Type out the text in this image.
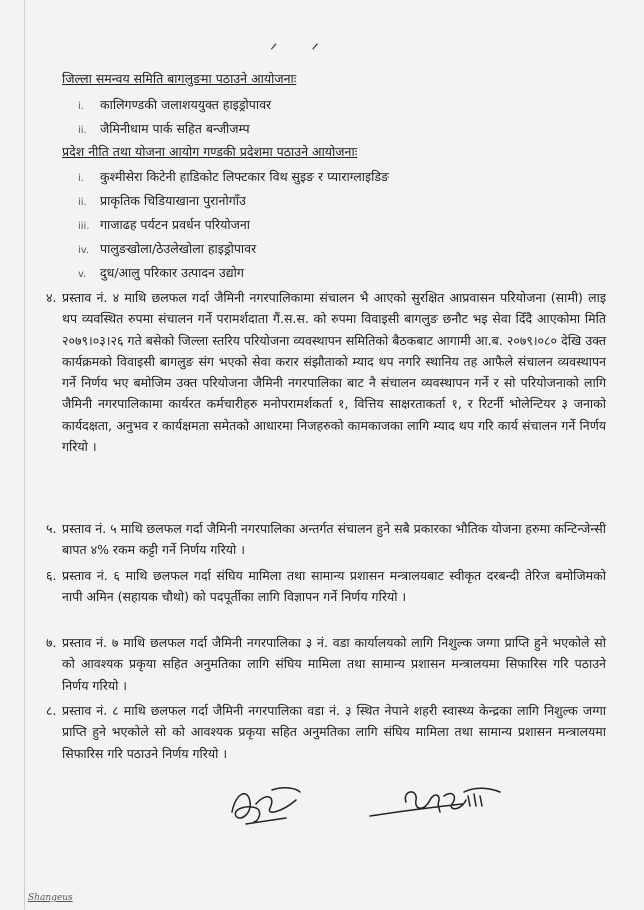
ᐟ ᐟ
जिल्ला समन्वय समिति बागलुङमा पठाउने आयोजनाः
i. कालिगण्डकी जलाशययुक्त हाइड्रोपावर
ii. जैमिनीधाम पार्क सहित बन्जीजम्प
प्रदेश नीति तथा योजना आयोग गण्डकी प्रदेशमा पठाउने आयोजनाः
i. कुश्मीसेरा किटेनी हाडिकोट लिफ्टकार विथ सुइङ र प्याराग्लाइडिङ
ii. प्राकृतिक चिडियाखाना पुरानोगाँउ
iii. गाजाढह पर्यटन प्रवर्धन परियोजना
iv. पालुङखोला/ठेउलेखोला हाइड्रोपावर
v. दुध/आलु परिकार उत्पादन उद्योग
४. प्रस्ताव नं. ४ माथि छलफल गर्दा जैमिनी नगरपालिकामा संचालन भै आएको सुरक्षित आप्रवासन परियोजना (सामी) लाइ थप व्यवस्थित रुपमा संचालन गर्ने परामर्शदाता गैं.स.स. को रुपमा विवाइसी बागलुङ छनौट भइ सेवा दिँदै आएकोमा मिति २०७९।०३।२६ गते बसेको जिल्ला स्तरिय परियोजना व्यवस्थापन समितिको बैठकबाट आगामी आ.ब. २०७९।०८० देखि उक्त कार्यक्रमको विवाइसी बागलुङ संग भएको सेवा करार संझौताको म्याद थप नगरि स्थानिय तह आफैले संचालन व्यवस्थापन गर्ने निर्णय भए बमोजिम उक्त परियोजना जैमिनी नगरपालिका बाट नै संचालन व्यवस्थापन गर्ने र सो परियोजनाको लागि जैमिनी नगरपालिकामा कार्यरत कर्मचारीहरु मनोपरामर्शकर्ता १, वित्तिय साक्षरताकर्ता १, र रिटर्नी भोलेन्टियर ३ जनाको कार्यदक्षता, अनुभव र कार्यक्षमता समेतको आधारमा निजहरुको कामकाजका लागि म्याद थप गरि कार्य संचालन गर्ने निर्णय गरियो ।
५. प्रस्ताव नं. ५ माथि छलफल गर्दा जैमिनी नगरपालिका अन्तर्गत संचालन हुने सबै प्रकारका भौतिक योजना हरुमा कन्टिन्जेन्सी बापत ४% रकम कट्टी गर्ने निर्णय गरियो ।
६. प्रस्ताव नं. ६ माथि छलफल गर्दा संघिय मामिला तथा सामान्य प्रशासन मन्त्रालयबाट स्वीकृत दरबन्दी तेरिज बमोजिमको नापी अमिन (सहायक चौथो) को पदपूर्तीका लागि विज्ञापन गर्ने निर्णय गरियो ।
७. प्रस्ताव नं. ७ माथि छलफल गर्दा जैमिनी नगरपालिका ३ नं. वडा कार्यालयको लागि निशुल्क जग्गा प्राप्ति हुने भएकोले सो को आवश्यक प्रकृया सहित अनुमतिका लागि संघिय मामिला तथा सामान्य प्रशासन मन्त्रालयमा सिफारिस गरि पठाउने निर्णय गरियो ।
८. प्रस्ताव नं. ८ माथि छलफल गर्दा जैमिनी नगरपालिका वडा नं. ३ स्थित नेपाने शहरी स्वास्थ्य केन्द्रका लागि निशुल्क जग्गा प्राप्ति हुने भएकोले सो को आवश्यक प्रकृया सहित अनुमतिका लागि संघिय मामिला तथा सामान्य प्रशासन मन्त्रालयमा सिफारिस गरि पठाउने निर्णय गरियो ।
Shangeus
